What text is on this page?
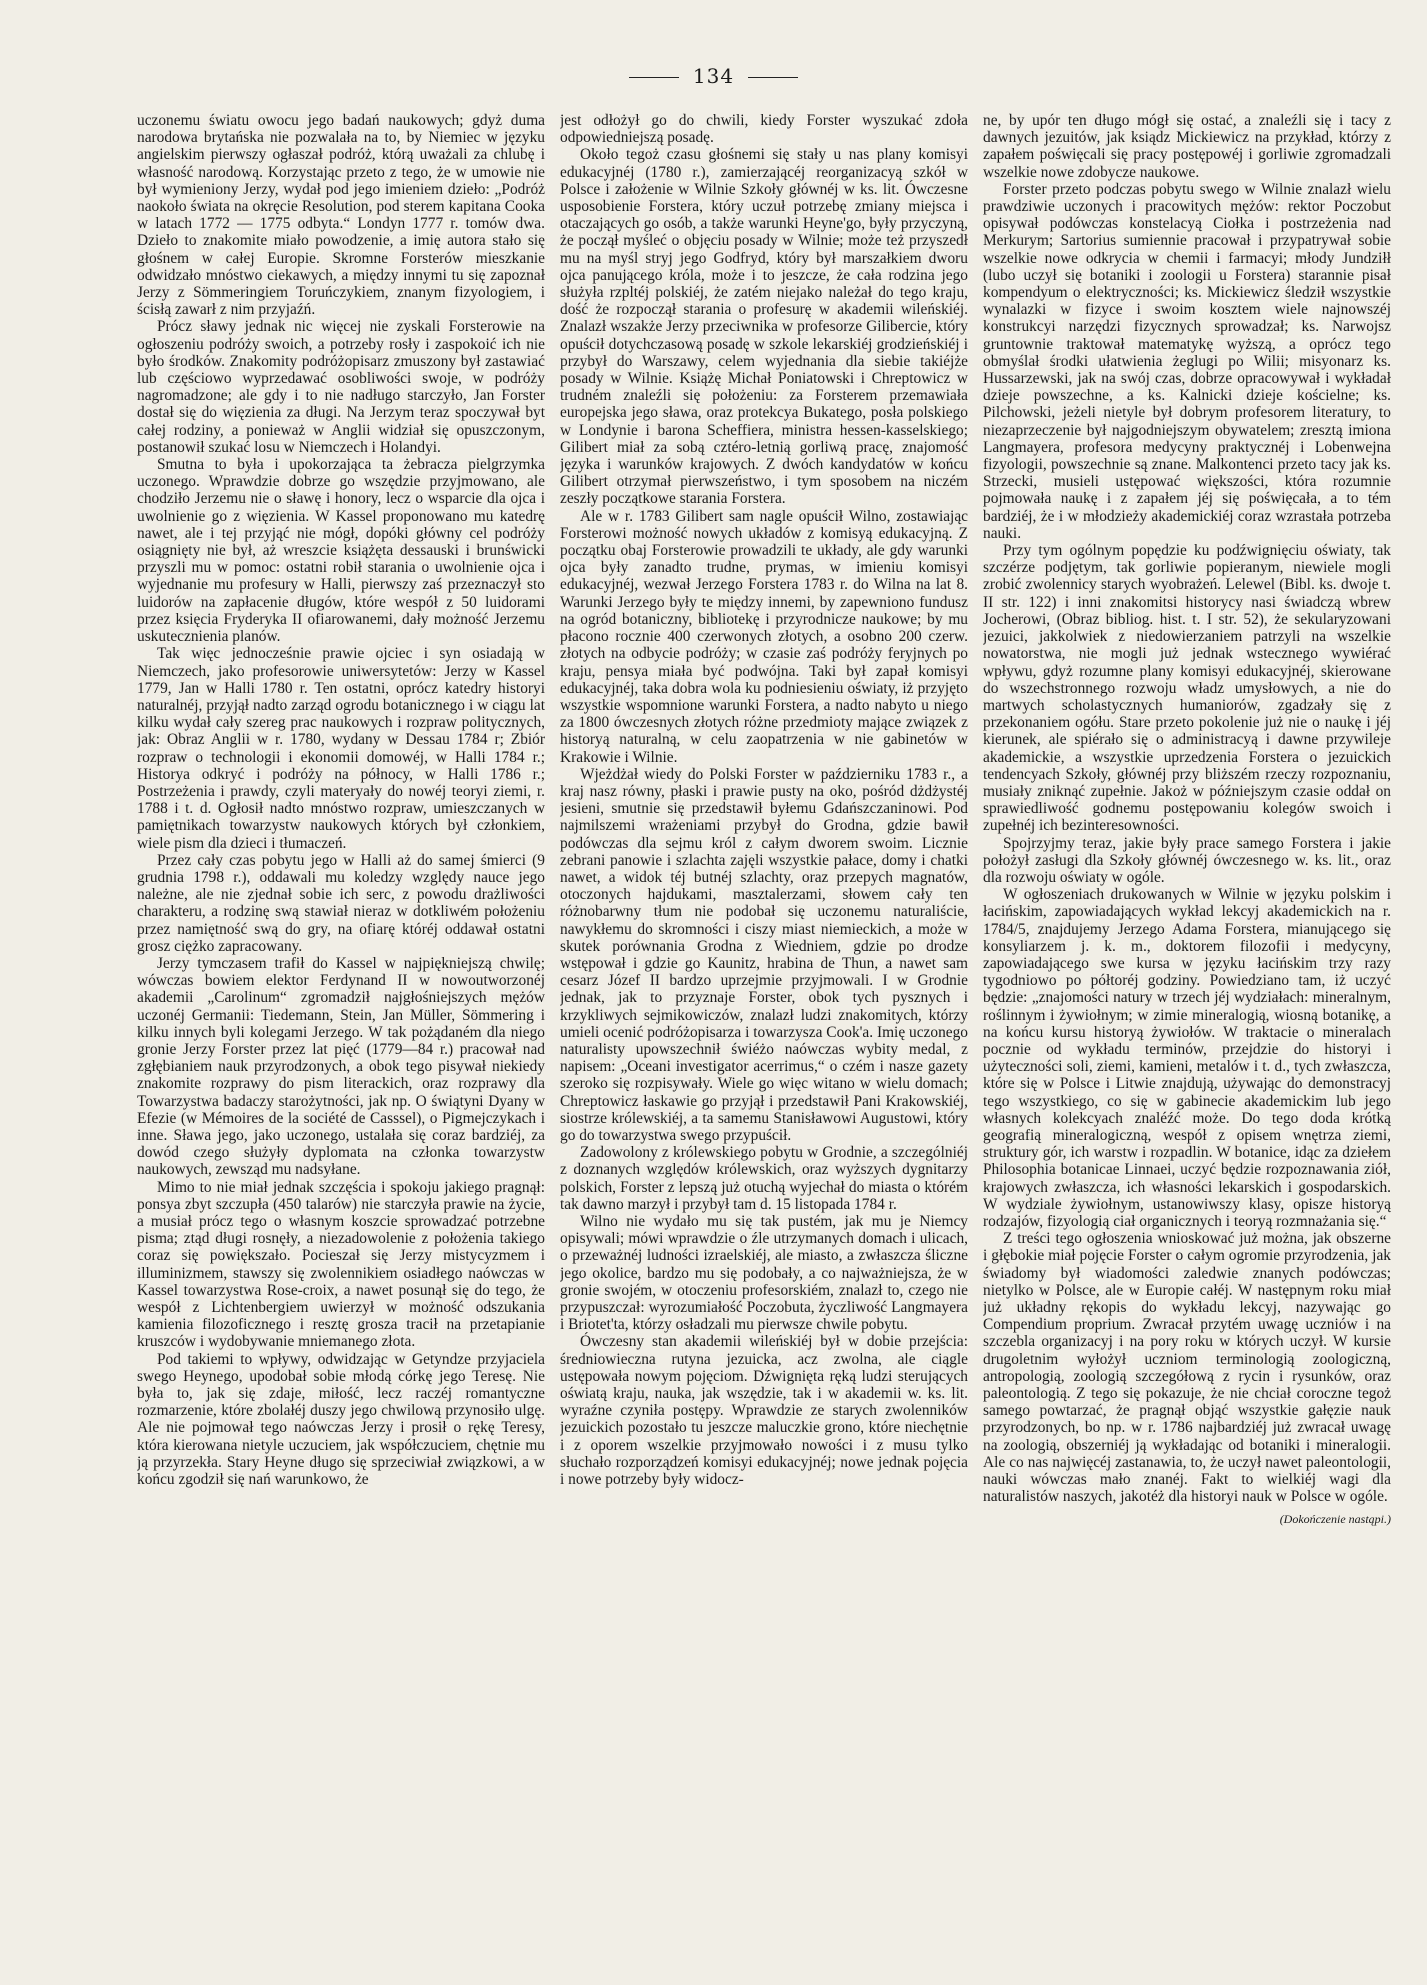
134

uczonemu światu owocu jego badań naukowych; gdyż duma narodowa brytańska nie pozwalała na to, by Niemiec w języku angielskim pierwszy ogłaszał podróż, którą uważali za chlubę i własność narodową. Korzystając przeto z tego, że w umowie nie był wymieniony Jerzy, wydał pod jego imieniem dzieło: „Podróż naokoło świata na okręcie Resolution, pod sterem kapitana Cooka w latach 1772 — 1775 odbyta.“ Londyn 1777 r. tomów dwa. Dzieło to znakomite miało powodzenie, a imię autora stało się głośnem w całej Europie. Skromne Forsterów mieszkanie odwidzało mnóstwo ciekawych, a między innymi tu się zapoznał Jerzy z Sömmeringiem Toruńczykiem, znanym fizyologiem, i ścisłą zawarł z nim przyjaźń.

Prócz sławy jednak nic więcej nie zyskali Forsterowie na ogłoszeniu podróży swoich, a potrzeby rosły i zaspokoić ich nie było środków. Znakomity podróżopisarz zmuszony był zastawiać lub częściowo wyprzedawać osobliwości swoje, w podróży nagromadzone; ale gdy i to nie nadługo starczyło, Jan Forster dostał się do więzienia za długi. Na Jerzym teraz spoczywał byt całej rodziny, a ponieważ w Anglii widział się opuszczonym, postanowił szukać losu w Niemczech i Holandyi.

Smutna to była i upokorzająca ta żebracza pielgrzymka uczonego. Wprawdzie dobrze go wszędzie przyjmowano, ale chodziło Jerzemu nie o sławę i honory, lecz o wsparcie dla ojca i uwolnienie go z więzienia. W Kassel proponowano mu katedrę nawet, ale i tej przyjąć nie mógł, dopóki główny cel podróży osiągnięty nie był, aż wreszcie książęta dessauski i brunświcki przyszli mu w pomoc: ostatni robił starania o uwolnienie ojca i wyjednanie mu profesury w Halli, pierwszy zaś przeznaczył sto luidorów na zapłacenie długów, które wespół z 50 luidorami przez księcia Fryderyka II ofiarowanemi, dały możność Jerzemu uskutecznienia planów.

Tak więc jednocześnie prawie ojciec i syn osiadają w Niemczech, jako profesorowie uniwersytetów: Jerzy w Kassel 1779, Jan w Halli 1780 r. Ten ostatni, oprócz katedry historyi naturalnéj, przyjął nadto zarząd ogrodu botanicznego i w ciągu lat kilku wydał cały szereg prac naukowych i rozpraw politycznych, jak: Obraz Anglii w r. 1780, wydany w Dessau 1784 r; Zbiór rozpraw o technologii i ekonomii domowéj, w Halli 1784 r.; Historya odkryć i podróży na północy, w Halli 1786 r.; Postrzeżenia i prawdy, czyli materyały do nowéj teoryi ziemi, r. 1788 i t. d. Ogłosił nadto mnóstwo rozpraw, umieszczanych w pamiętnikach towarzystw naukowych których był członkiem, wiele pism dla dzieci i tłumaczeń.

Przez cały czas pobytu jego w Halli aż do samej śmierci (9 grudnia 1798 r.), oddawali mu koledzy względy nauce jego należne, ale nie zjednał sobie ich serc, z powodu drażliwości charakteru, a rodzinę swą stawiał nieraz w dotkliwém położeniu przez namiętność swą do gry, na ofiarę któréj oddawał ostatni grosz ciężko zapracowany.

Jerzy tymczasem trafił do Kassel w najpiękniejszą chwilę; wówczas bowiem elektor Ferdynand II w nowoutworzonéj akademii „Carolinum“ zgromadził najgłośniejszych mężów uczonéj Germanii: Tiedemann, Stein, Jan Müller, Sömmering i kilku innych byli kolegami Jerzego. W tak pożądaném dla niego gronie Jerzy Forster przez lat pięć (1779—84 r.) pracował nad zgłębianiem nauk przyrodzonych, a obok tego pisywał niekiedy znakomite rozprawy do pism literackich, oraz rozprawy dla Towarzystwa badaczy starożytności, jak np. O świątyni Dyany w Efezie (w Mémoires de la société de Casssel), o Pigmejczykach i inne. Sława jego, jako uczonego, ustalała się coraz bardziéj, za dowód czego służyły dyplomata na członka towarzystw naukowych, zewsząd mu nadsyłane.

Mimo to nie miał jednak szczęścia i spokoju jakiego pragnął: ponsya zbyt szczupła (450 talarów) nie starczyła prawie na życie, a musiał prócz tego o własnym koszcie sprowadzać potrzebne pisma; ztąd długi rosnęły, a niezadowolenie z położenia takiego coraz się powiększało. Pocieszał się Jerzy mistycyzmem i illuminizmem, stawszy się zwolennikiem osiadłego naówczas w Kassel towarzystwa Rose-croix, a nawet posunął się do tego, że wespół z Lichtenbergiem uwierzył w możność odszukania kamienia filozoficznego i resztę grosza tracił na przetapianie kruszców i wydobywanie mniemanego złota.

Pod takiemi to wpływy, odwidzając w Getyndze przyjaciela swego Heynego, upodobał sobie młodą córkę jego Teresę. Nie była to, jak się zdaje, miłość, lecz raczéj romantyczne rozmarzenie, które zbolałéj duszy jego chwilową przynosiło ulgę. Ale nie pojmował tego naówczas Jerzy i prosił o rękę Teresy, która kierowana nietyle uczuciem, jak współczuciem, chętnie mu ją przyrzekła. Stary Heyne długo się sprzeciwiał związkowi, a w końcu zgodził się nań warunkowo, że

jest odłożył go do chwili, kiedy Forster wyszukać zdoła odpowiedniejszą posadę.

Około tegoż czasu głośnemi się stały u nas plany komisyi edukacyjnéj (1780 r.), zamierzającéj reorganizacyą szkół w Polsce i założenie w Wilnie Szkoły głównéj w ks. lit. Ówczesne usposobienie Forstera, który uczuł potrzebę zmiany miejsca i otaczających go osób, a także warunki Heyne'go, były przyczyną, że począł myśleć o objęciu posady w Wilnie; może też przyszedł mu na myśl stryj jego Godfryd, który był marszałkiem dworu ojca panującego króla, może i to jeszcze, że cała rodzina jego służyła rzpltéj polskiéj, że zatém niejako należał do tego kraju, dość że rozpoczął starania o profesurę w akademii wileńskiéj. Znalazł wszakże Jerzy przeciwnika w profesorze Gilibercie, który opuścił dotychczasową posadę w szkole lekarskiéj grodzieńskiéj i przybył do Warszawy, celem wyjednania dla siebie takiéjże posady w Wilnie. Książę Michał Poniatowski i Chreptowicz w trudném znaleźli się położeniu: za Forsterem przemawiała europejska jego sława, oraz protekcya Bukatego, posła polskiego w Londynie i barona Scheffiera, ministra hessen-kasselskiego; Gilibert miał za sobą cztéro-letnią gorliwą pracę, znajomość języka i warunków krajowych. Z dwóch kandydatów w końcu Gilibert otrzymał pierwszeństwo, i tym sposobem na niczém zeszły początkowe starania Forstera.

Ale w r. 1783 Gilibert sam nagle opuścił Wilno, zostawiając Forsterowi możność nowych układów z komisyą edukacyjną. Z początku obaj Forsterowie prowadzili te układy, ale gdy warunki ojca były zanadto trudne, prymas, w imieniu komisyi edukacyjnéj, wezwał Jerzego Forstera 1783 r. do Wilna na lat 8. Warunki Jerzego były te między innemi, by zapewniono fundusz na ogród botaniczny, bibliotekę i przyrodnicze naukowe; by mu płacono rocznie 400 czerwonych złotych, a osobno 200 czerw. złotych na odbycie podróży; w czasie zaś podróży feryjnych po kraju, pensya miała być podwójna. Taki był zapał komisyi edukacyjnéj, taka dobra wola ku podniesieniu oświaty, iż przyjęto wszystkie wspomnione warunki Forstera, a nadto nabyto u niego za 1800 ówczesnych złotych różne przedmioty mające związek z historyą naturalną, w celu zaopatrzenia w nie gabinetów w Krakowie i Wilnie.

Wjeżdżał wiedy do Polski Forster w październiku 1783 r., a kraj nasz równy, płaski i prawie pusty na oko, pośród dżdżystéj jesieni, smutnie się przedstawił byłemu Gdańszczaninowi. Pod najmilszemi wrażeniami przybył do Grodna, gdzie bawił podówczas dla sejmu król z całym dworem swoim. Licznie zebrani panowie i szlachta zajęli wszystkie pałace, domy i chatki nawet, a widok téj butnéj szlachty, oraz przepych magnatów, otoczonych hajdukami, masztalerzami, słowem cały ten różnobarwny tłum nie podobał się uczonemu naturaliście, nawykłemu do skromności i ciszy miast niemieckich, a może w skutek porównania Grodna z Wiedniem, gdzie po drodze wstępował i gdzie go Kaunitz, hrabina de Thun, a nawet sam cesarz Józef II bardzo uprzejmie przyjmowali. I w Grodnie jednak, jak to przyznaje Forster, obok tych pysznych i krzykliwych sejmikowiczów, znalazł ludzi znakomitych, którzy umieli ocenić podróżopisarza i towarzysza Cook'a. Imię uczonego naturalisty upowszechnił świéżo naówczas wybity medal, z napisem: „Oceani investigator acerrimus,“ o czém i nasze gazety szeroko się rozpisywały. Wiele go więc witano w wielu domach; Chreptowicz łaskawie go przyjął i przedstawił Pani Krakowskiéj, siostrze królewskiéj, a ta samemu Stanisławowi Augustowi, który go do towarzystwa swego przypuścił.

Zadowolony z królewskiego pobytu w Grodnie, a szczególniéj z doznanych względów królewskich, oraz wyższych dygnitarzy polskich, Forster z lepszą już otuchą wyjechał do miasta o którém tak dawno marzył i przybył tam d. 15 listopada 1784 r.

Wilno nie wydało mu się tak pustém, jak mu je Niemcy opisywali; mówi wprawdzie o źle utrzymanych domach i ulicach, o przeważnéj ludności izraelskiéj, ale miasto, a zwłaszcza śliczne jego okolice, bardzo mu się podobały, a co najważniejsza, że w gronie swojém, w otoczeniu profesorskiém, znalazł to, czego nie przypuszczał: wyrozumiałość Poczobuta, życzliwość Langmayera i Briotet'ta, którzy osładzali mu pierwsze chwile pobytu.

Ówczesny stan akademii wileńskiéj był w dobie przejścia: średniowieczna rutyna jezuicka, acz zwolna, ale ciągle ustępowała nowym pojęciom. Dźwignięta ręką ludzi sterujących oświatą kraju, nauka, jak wszędzie, tak i w akademii w. ks. lit. wyraźne czyniła postępy. Wprawdzie ze starych zwolenników jezuickich pozostało tu jeszcze maluczkie grono, które niechętnie i z oporem wszelkie przyjmowało nowości i z musu tylko słuchało rozporządzeń komisyi edukacyjnéj; nowe jednak pojęcia i nowe potrzeby były widocz-

ne, by upór ten długo mógł się ostać, a znaleźli się i tacy z dawnych jezuitów, jak ksiądz Mickiewicz na przykład, którzy z zapałem poświęcali się pracy postępowéj i gorliwie zgromadzali wszelkie nowe zdobycze naukowe.

Forster przeto podczas pobytu swego w Wilnie znalazł wielu prawdziwie uczonych i pracowitych mężów: rektor Poczobut opisywał podówczas konstelacyą Ciołka i postrzeżenia nad Merkurym; Sartorius sumiennie pracował i przypatrywał sobie wszelkie nowe odkrycia w chemii i farmacyi; młody Jundziłł (lubo uczył się botaniki i zoologii u Forstera) starannie pisał kompendyum o elektryczności; ks. Mickiewicz śledził wszystkie wynalazki w fizyce i swoim kosztem wiele najnowszéj konstrukcyi narzędzi fizycznych sprowadzał; ks. Narwojsz gruntownie traktował matematykę wyższą, a oprócz tego obmyślał środki ułatwienia żeglugi po Wilii; misyonarz ks. Hussarzewski, jak na swój czas, dobrze opracowywał i wykładał dzieje powszechne, a ks. Kalnicki dzieje kościelne; ks. Pilchowski, jeżeli nietyle był dobrym profesorem literatury, to niezaprzeczenie był najgodniejszym obywatelem; zresztą imiona Langmayera, profesora medycyny praktycznéj i Lobenwejna fizyologii, powszechnie są znane. Malkontenci przeto tacy jak ks. Strzecki, musieli ustępować większości, która rozumnie pojmowała naukę i z zapałem jéj się poświęcała, a to tém bardziéj, że i w młodzieży akademickiéj coraz wzrastała potrzeba nauki.

Przy tym ogólnym popędzie ku podźwignięciu oświaty, tak szczérze podjętym, tak gorliwie popieranym, niewiele mogli zrobić zwolennicy starych wyobrażeń. Lelewel (Bibl. ks. dwoje t. II str. 122) i inni znakomitsi historycy nasi świadczą wbrew Jocherowi, (Obraz bibliog. hist. t. I str. 52), że sekularyzowani jezuici, jakkolwiek z niedowierzaniem patrzyli na wszelkie nowatorstwa, nie mogli już jednak wstecznego wywiérać wpływu, gdyż rozumne plany komisyi edukacyjnéj, skierowane do wszechstronnego rozwoju władz umysłowych, a nie do martwych scholastycznych humaniorów, zgadzały się z przekonaniem ogółu. Stare przeto pokolenie już nie o naukę i jéj kierunek, ale spiérało się o administracyą i dawne przywileje akademickie, a wszystkie uprzedzenia Forstera o jezuickich tendencyach Szkoły, głównéj przy bliższém rzeczy rozpoznaniu, musiały zniknąć zupełnie. Jakoż w późniejszym czasie oddał on sprawiedliwość godnemu postępowaniu kolegów swoich i zupełnéj ich bezinteresowności.

Spojrzyjmy teraz, jakie były prace samego Forstera i jakie położył zasługi dla Szkoły głównéj ówczesnego w. ks. lit., oraz dla rozwoju oświaty w ogóle.

W ogłoszeniach drukowanych w Wilnie w języku polskim i łacińskim, zapowiadających wykład lekcyj akademickich na r. 1784/5, znajdujemy Jerzego Adama Forstera, mianującego się konsyliarzem j. k. m., doktorem filozofii i medycyny, zapowiadającego swe kursa w języku łacińskim trzy razy tygodniowo po półtoréj godziny. Powiedziano tam, iż uczyć będzie: „znajomości natury w trzech jéj wydziałach: mineralnym, roślinnym i żywiołnym; w zimie mineralogią, wiosną botanikę, a na końcu kursu historyą żywiołów. W traktacie o mineralach pocznie od wykładu terminów, przejdzie do historyi i użyteczności soli, ziemi, kamieni, metalów i t. d., tych zwłaszcza, które się w Polsce i Litwie znajdują, używając do demonstracyj tego wszystkiego, co się w gabinecie akademickim lub jego własnych kolekcyach znaléźć może. Do tego doda krótką geografią mineralogiczną, wespół z opisem wnętrza ziemi, struktury gór, ich warstw i rozpadlin. W botanice, idąc za dziełem Philosophia botanicae Linnaei, uczyć będzie rozpoznawania ziół, krajowych zwłaszcza, ich własności lekarskich i gospodarskich. W wydziale żywiołnym, ustanowiwszy klasy, opisze historyą rodzajów, fizyologią ciał organicznych i teoryą rozmnażania się.“

Z treści tego ogłoszenia wnioskować już można, jak obszerne i głębokie miał pojęcie Forster o całym ogromie przyrodzenia, jak świadomy był wiadomości zaledwie znanych podówczas; nietylko w Polsce, ale w Europie całéj. W następnym roku miał już układny rękopis do wykładu lekcyj, nazywając go Compendium proprium. Zwracał przytém uwagę uczniów i na szczebla organizacyj i na pory roku w których uczył. W kursie drugoletnim wyłożył uczniom terminologią zoologiczną, antropologią, zoologią szczegółową z rycin i rysunków, oraz paleontologią. Z tego się pokazuje, że nie chciał coroczne tegoż samego powtarzać, że pragnął objąć wszystkie gałęzie nauk przyrodzonych, bo np. w r. 1786 najbardziéj już zwracał uwagę na zoologią, obszerniéj ją wykładając od botaniki i mineralogii. Ale co nas najwięcéj zastanawia, to, że uczył nawet paleontologii, nauki wówczas mało znanéj. Fakt to wielkiéj wagi dla naturalistów naszych, jakotéż dla historyi nauk w Polsce w ogóle.

(Dokończenie nastąpi.)
